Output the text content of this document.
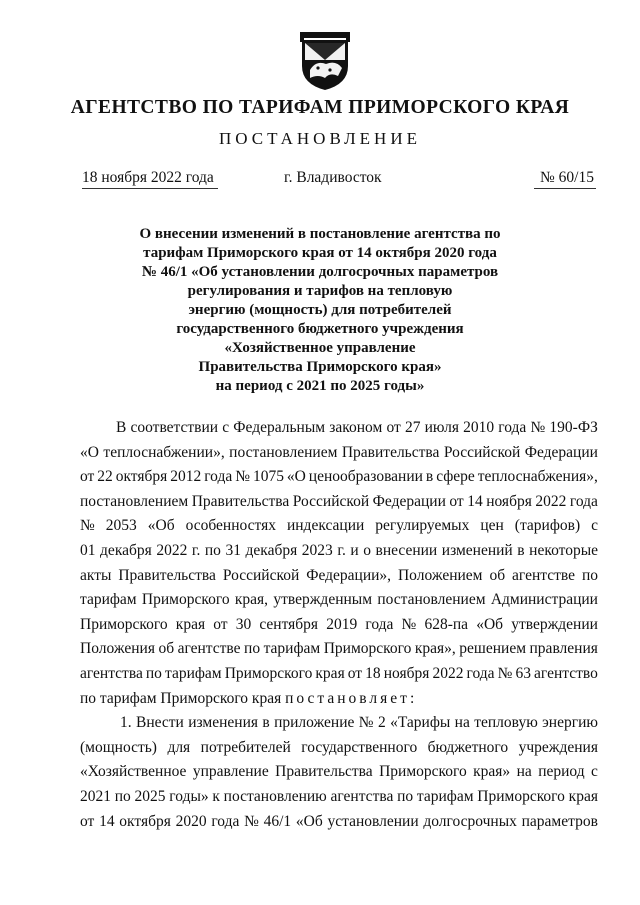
АГЕНТСТВО ПО ТАРИФАМ ПРИМОРСКОГО КРАЯ
ПОСТАНОВЛЕНИЕ
18 ноября 2022 года	г. Владивосток	№ 60/15
О внесении изменений в постановление агентства по
тарифам Приморского края от 14 октября 2020 года
№ 46/1 «Об установлении долгосрочных параметров
регулирования и тарифов на тепловую
энергию (мощность) для потребителей
государственного бюджетного учреждения
«Хозяйственное управление
Правительства Приморского края»
на период с 2021 по 2025 годы»
В соответствии с Федеральным законом от 27 июля 2010 года № 190-ФЗ
«О теплоснабжении», постановлением Правительства Российской Федерации
от 22 октября 2012 года № 1075 «О ценообразовании в сфере теплоснабжения»,
постановлением Правительства Российской Федерации от 14 ноября 2022 года
№ 2053 «Об особенностях индексации регулируемых цен (тарифов) с
01 декабря 2022 г. по 31 декабря 2023 г. и о внесении изменений в некоторые
акты Правительства Российской Федерации», Положением об агентстве по
тарифам Приморского края, утвержденным постановлением Администрации
Приморского края от 30 сентября 2019 года № 628-па «Об утверждении
Положения об агентстве по тарифам Приморского края», решением правления
агентства по тарифам Приморского края от 18 ноября 2022 года № 63 агентство
по тарифам Приморского края
постановляет:
1. Внести изменения в приложение № 2 «Тарифы на тепловую энергию
(мощность) для потребителей государственного бюджетного учреждения
«Хозяйственное управление Правительства Приморского края» на период с
2021 по 2025 годы» к постановлению агентства по тарифам Приморского края
от 14 октября 2020 года № 46/1 «Об установлении долгосрочных параметров
